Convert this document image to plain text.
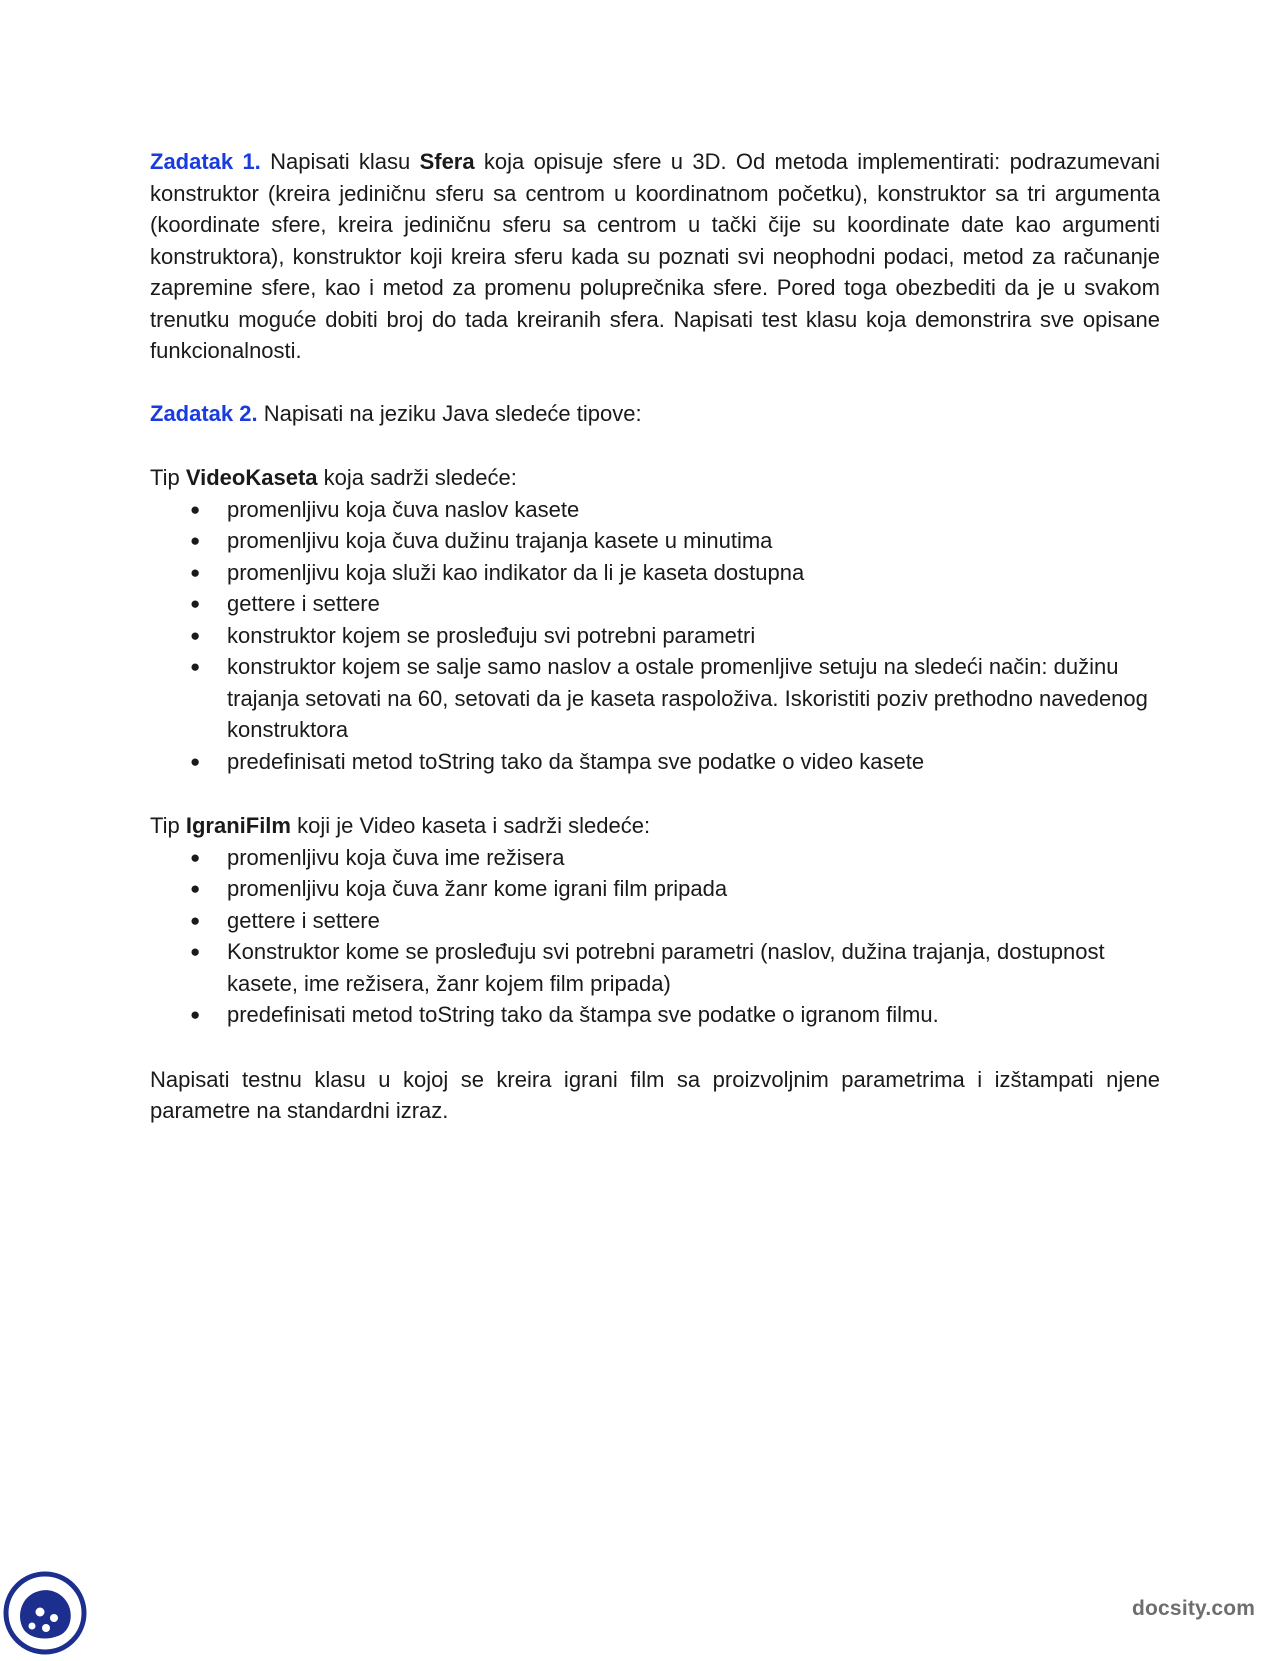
Zadatak 1. Napisati klasu Sfera koja opisuje sfere u 3D. Od metoda implementirati: podrazumevani konstruktor (kreira jediničnu sferu sa centrom u koordinatnom početku), konstruktor sa tri argumenta (koordinate sfere, kreira jediničnu sferu sa centrom u tački čije su koordinate date kao argumenti konstruktora), konstruktor koji kreira sferu kada su poznati svi neophodni podaci, metod za računanje zapremine sfere, kao i metod za promenu poluprečnika sfere. Pored toga obezbediti da je u svakom trenutku moguće dobiti broj do tada kreiranih sfera. Napisati test klasu koja demonstrira sve opisane funkcionalnosti.

Zadatak 2. Napisati na jeziku Java sledeće tipove:

Tip VideoKaseta koja sadrži sledeće:

● promenljivu koja čuva naslov kasete
● promenljivu koja čuva dužinu trajanja kasete u minutima
● promenljivu koja služi kao indikator da li je kaseta dostupna
● gettere i settere
● konstruktor kojem se prosleđuju svi potrebni parametri
● konstruktor kojem se salje samo naslov a ostale promenljive setuju na sledeći način: dužinu trajanja setovati na 60, setovati da je kaseta raspoloživa. Iskoristiti poziv prethodno navedenog konstruktora
● predefinisati metod toString tako da štampa sve podatke o video kasete

Tip IgraniFilm koji je Video kaseta i sadrži sledeće:

● promenljivu koja čuva ime režisera
● promenljivu koja čuva žanr kome igrani film pripada
● gettere i settere
● Konstruktor kome se prosleđuju svi potrebni parametri (naslov, dužina trajanja, dostupnost kasete, ime režisera, žanr kojem film pripada)
● predefinisati metod toString tako da štampa sve podatke o igranom filmu.

Napisati testnu klasu u kojoj se kreira igrani film sa proizvoljnim parametrima i izštampati njene parametre na standardni izraz.

docsity.com
